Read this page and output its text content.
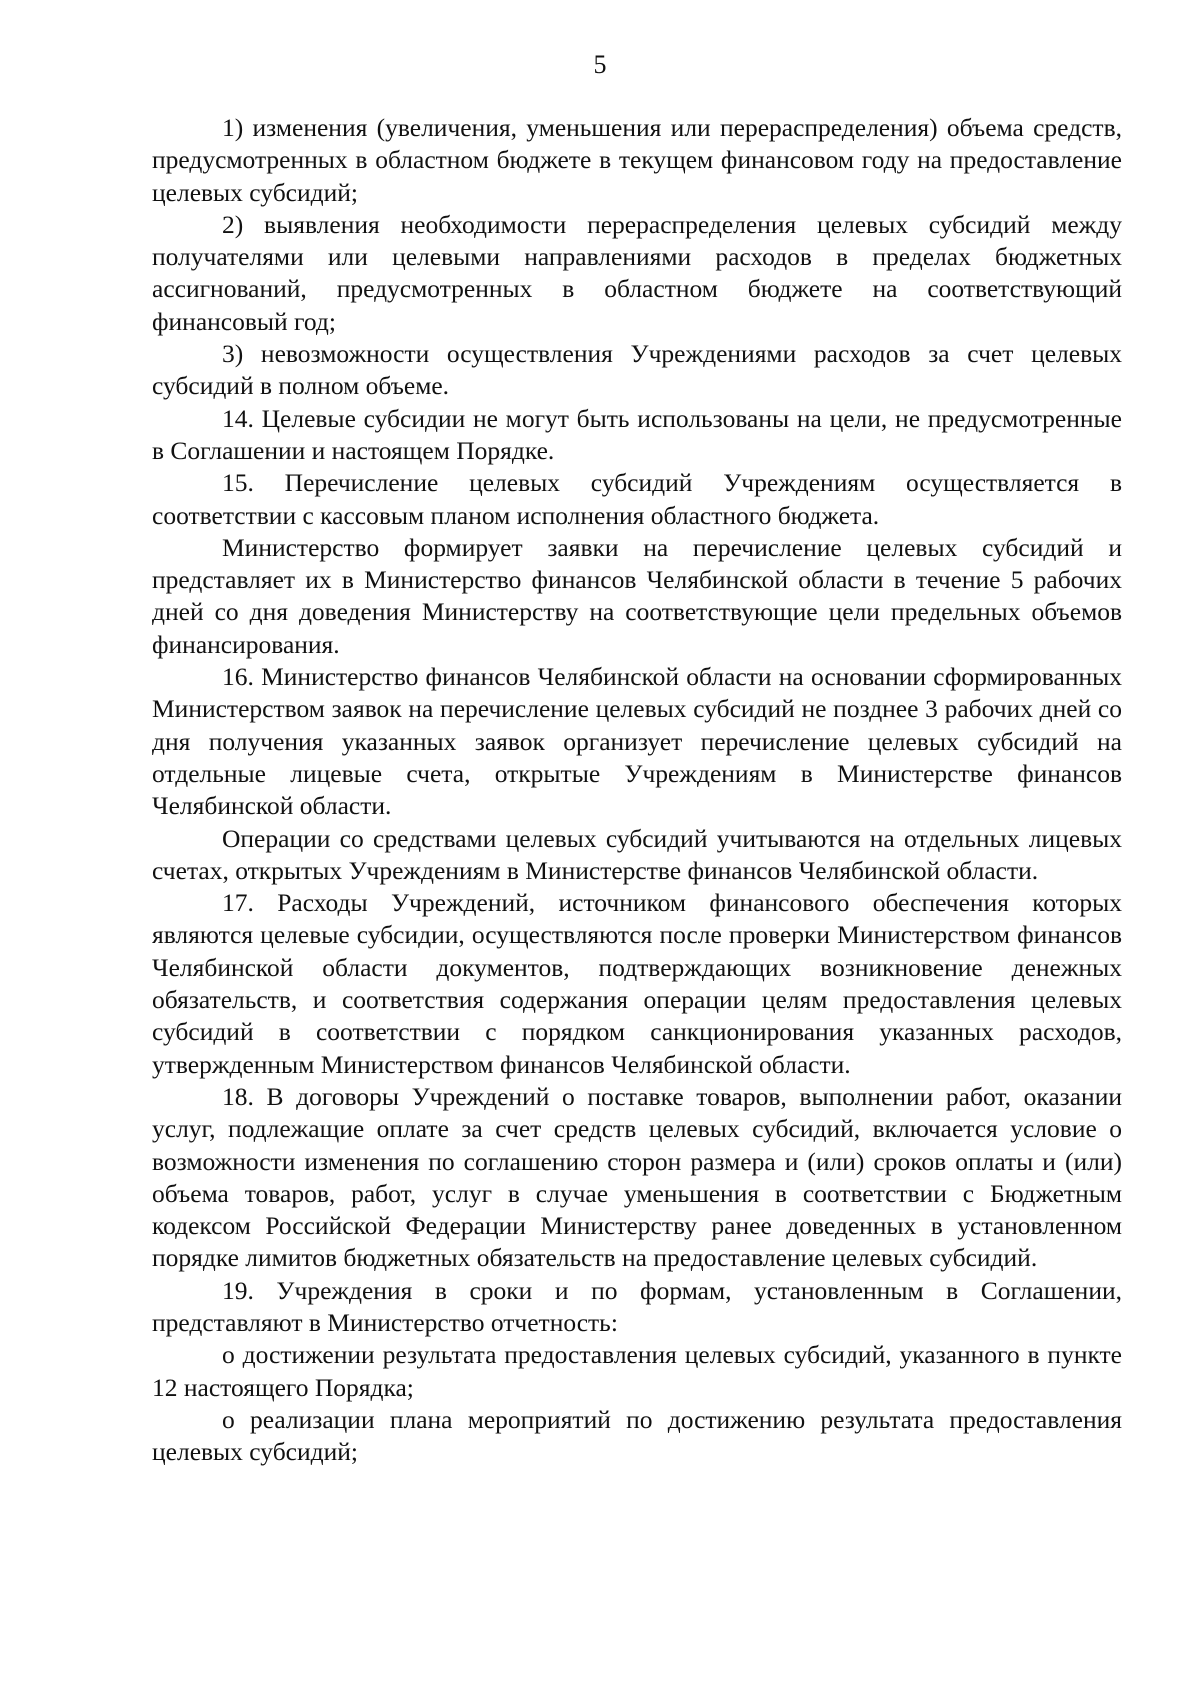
5

1) изменения (увеличения, уменьшения или перераспределения) объема средств, предусмотренных в областном бюджете в текущем финансовом году на предоставление целевых субсидий;

2) выявления необходимости перераспределения целевых субсидий между получателями или целевыми направлениями расходов в пределах бюджетных ассигнований, предусмотренных в областном бюджете на соответствующий финансовый год;

3) невозможности осуществления Учреждениями расходов за счет целевых субсидий в полном объеме.

14. Целевые субсидии не могут быть использованы на цели, не предусмотренные в Соглашении и настоящем Порядке.

15. Перечисление целевых субсидий Учреждениям осуществляется в соответствии с кассовым планом исполнения областного бюджета.

Министерство формирует заявки на перечисление целевых субсидий и представляет их в Министерство финансов Челябинской области в течение 5 рабочих дней со дня доведения Министерству на соответствующие цели предельных объемов финансирования.

16. Министерство финансов Челябинской области на основании сформированных Министерством заявок на перечисление целевых субсидий не позднее 3 рабочих дней со дня получения указанных заявок организует перечисление целевых субсидий на отдельные лицевые счета, открытые Учреждениям в Министерстве финансов Челябинской области.

Операции со средствами целевых субсидий учитываются на отдельных лицевых счетах, открытых Учреждениям в Министерстве финансов Челябинской области.

17. Расходы Учреждений, источником финансового обеспечения которых являются целевые субсидии, осуществляются после проверки Министерством финансов Челябинской области документов, подтверждающих возникновение денежных обязательств, и соответствия содержания операции целям предоставления целевых субсидий в соответствии с порядком санкционирования указанных расходов, утвержденным Министерством финансов Челябинской области.

18. В договоры Учреждений о поставке товаров, выполнении работ, оказании услуг, подлежащие оплате за счет средств целевых субсидий, включается условие о возможности изменения по соглашению сторон размера и (или) сроков оплаты и (или) объема товаров, работ, услуг в случае уменьшения в соответствии с Бюджетным кодексом Российской Федерации Министерству ранее доведенных в установленном порядке лимитов бюджетных обязательств на предоставление целевых субсидий.

19. Учреждения в сроки и по формам, установленным в Соглашении, представляют в Министерство отчетность:

о достижении результата предоставления целевых субсидий, указанного в пункте 12 настоящего Порядка;

о реализации плана мероприятий по достижению результата предоставления целевых субсидий;
